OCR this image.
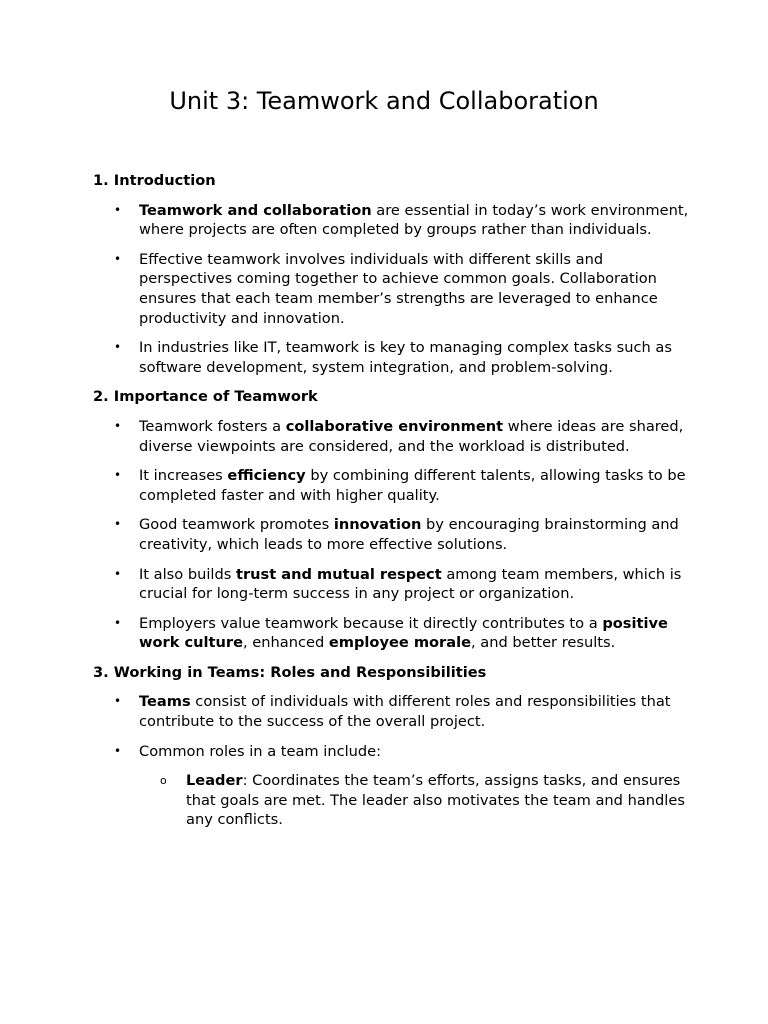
Unit 3: Teamwork and Collaboration
1. Introduction
• Teamwork and collaboration are essential in today’s work environment, where projects are often completed by groups rather than individuals.
• Effective teamwork involves individuals with different skills and perspectives coming together to achieve common goals. Collaboration ensures that each team member’s strengths are leveraged to enhance productivity and innovation.
• In industries like IT, teamwork is key to managing complex tasks such as software development, system integration, and problem-solving.
2. Importance of Teamwork
• Teamwork fosters a collaborative environment where ideas are shared, diverse viewpoints are considered, and the workload is distributed.
• It increases efficiency by combining different talents, allowing tasks to be completed faster and with higher quality.
• Good teamwork promotes innovation by encouraging brainstorming and creativity, which leads to more effective solutions.
• It also builds trust and mutual respect among team members, which is crucial for long-term success in any project or organization.
• Employers value teamwork because it directly contributes to a positive work culture, enhanced employee morale, and better results.
3. Working in Teams: Roles and Responsibilities
• Teams consist of individuals with different roles and responsibilities that contribute to the success of the overall project.
• Common roles in a team include:
o Leader: Coordinates the team’s efforts, assigns tasks, and ensures that goals are met. The leader also motivates the team and handles any conflicts.
